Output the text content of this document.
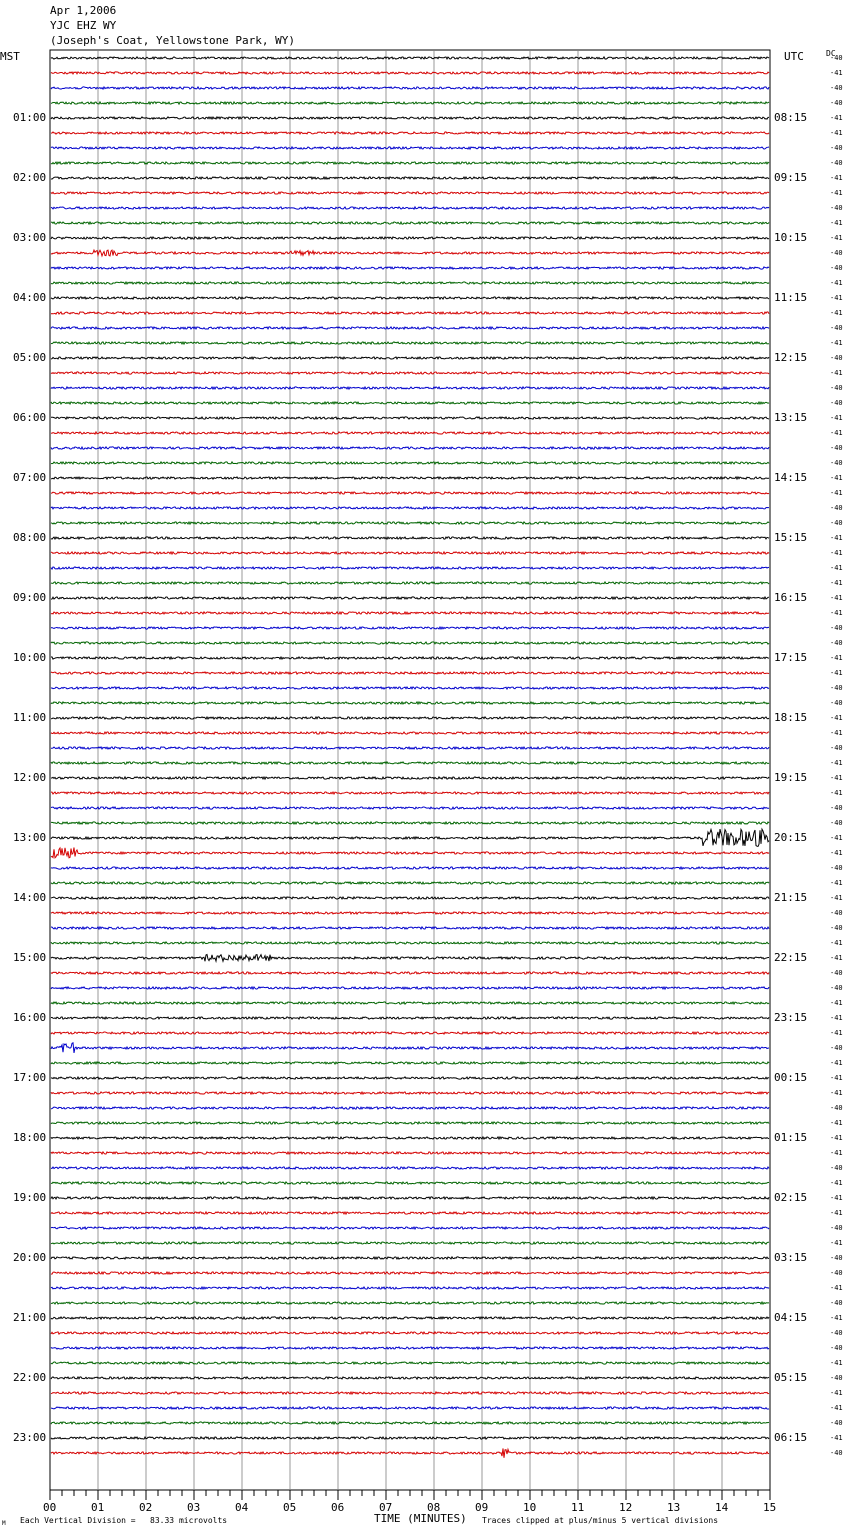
Apr 1,2006
YJC EHZ WY
(Joseph's Coat, Yellowstone Park, WY)
MST	UTC	DC
01:00
02:00
03:00
04:00
05:00
06:00
07:00
08:00
09:00
10:00
11:00
12:00
13:00
14:00
15:00
16:00
17:00
18:00
19:00
20:00
21:00
22:00
23:00
08:15
09:15
10:15
11:15
12:15
13:15
14:15
15:15
16:15
17:15
18:15
19:15
20:15
21:15
22:15
23:15
00:15
01:15
02:15
03:15
04:15
05:15
06:15
-40
-41
-40
-40
-41
-41
-40
-40
-41
-41
-40
-41
-41
-40
-40
-41
-41
-41
-40
-41
-40
-41
-40
-40
-41
-41
-40
-40
-41
-41
-40
-40
-41
-41
-41
-41
-41
-41
-40
-40
-41
-41
-40
-40
-41
-41
-40
-41
-41
-41
-40
-40
-41
-41
-40
-41
-41
-40
-40
-41
-41
-40
-40
-41
-41
-41
-40
-41
-41
-41
-40
-41
-41
-41
-40
-41
-41
-41
-40
-41
-40
-40
-41
-40
-41
-40
-40
-41
-40
-41
-41
-40
-41
-40
00	01	02	03	04	05	06	07	08	09	10	11	12	13	14	15
TIME (MINUTES)
Each Vertical Division =   83.33 microvolts	Traces clipped at plus/minus 5 vertical divisions
M
